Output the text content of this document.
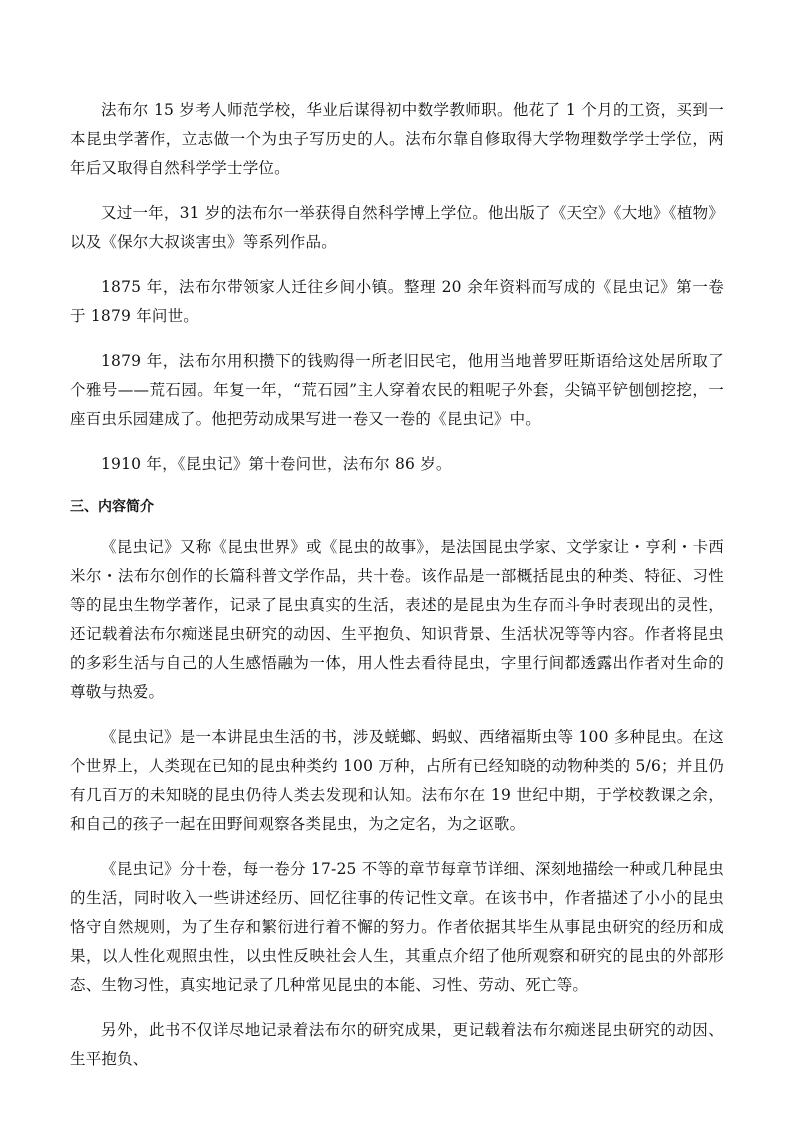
法布尔 15 岁考人师范学校，华业后谋得初中数学教师职。他花了 1 个月的工资，买到一本昆虫学著作，立志做一个为虫子写历史的人。法布尔靠自修取得大学物理数学学士学位，两年后又取得自然科学学士学位。

又过一年，31 岁的法布尔一举获得自然科学博上学位。他出版了《天空》《大地》《植物》以及《保尔大叔谈害虫》等系列作品。

1875 年，法布尔带领家人迁往乡间小镇。整理 20 余年资料而写成的《昆虫记》第一卷于 1879 年问世。

1879 年，法布尔用积攒下的钱购得一所老旧民宅，他用当地普罗旺斯语给这处居所取了个雅号——荒石园。年复一年，“荒石园”主人穿着农民的粗呢子外套，尖镐平铲刨刨挖挖，一座百虫乐园建成了。他把劳动成果写进一卷又一卷的《昆虫记》中。

1910 年，《昆虫记》第十卷问世，法布尔 86 岁。

三、内容简介

《昆虫记》又称《昆虫世界》或《昆虫的故事》，是法国昆虫学家、文学家让・亨利・卡西米尔・法布尔创作的长篇科普文学作品，共十卷。该作品是一部概括昆虫的种类、特征、习性等的昆虫生物学著作，记录了昆虫真实的生活，表述的是昆虫为生存而斗争时表现出的灵性，还记载着法布尔痴迷昆虫研究的动因、生平抱负、知识背景、生活状况等等内容。作者将昆虫的多彩生活与自己的人生感悟融为一体，用人性去看待昆虫，字里行间都透露出作者对生命的尊敬与热爱。

《昆虫记》是一本讲昆虫生活的书，涉及蜣螂、蚂蚁、西绪福斯虫等 100 多种昆虫。在这个世界上，人类现在已知的昆虫种类约 100 万种，占所有已经知晓的动物种类的 5/6；并且仍有几百万的未知晓的昆虫仍待人类去发现和认知。法布尔在 19 世纪中期，于学校教课之余，和自己的孩子一起在田野间观察各类昆虫，为之定名，为之讴歌。

《昆虫记》分十卷，每一卷分 17-25 不等的章节每章节详细、深刻地描绘一种或几种昆虫的生活，同时收入一些讲述经历、回忆往事的传记性文章。在该书中，作者描述了小小的昆虫恪守自然规则，为了生存和繁衍进行着不懈的努力。作者依据其毕生从事昆虫研究的经历和成果，以人性化观照虫性，以虫性反映社会人生，其重点介绍了他所观察和研究的昆虫的外部形态、生物习性，真实地记录了几种常见昆虫的本能、习性、劳动、死亡等。

另外，此书不仅详尽地记录着法布尔的研究成果，更记载着法布尔痴迷昆虫研究的动因、生平抱负、
